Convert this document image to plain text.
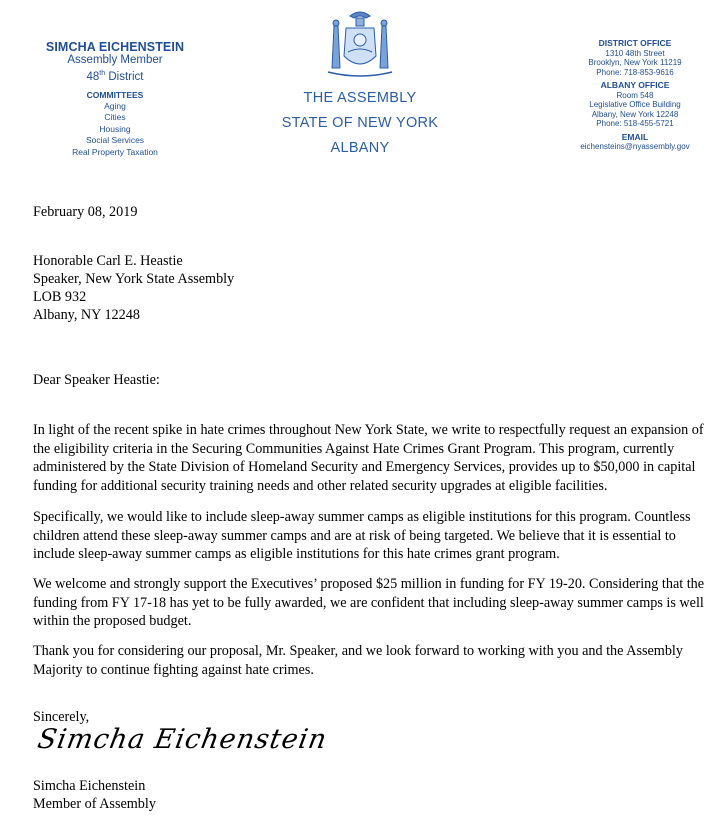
SIMCHA EICHENSTEIN
Assembly Member
48th District
COMMITTEES
Aging
Cities
Housing
Social Services
Real Property Taxation
THE ASSEMBLY
STATE OF NEW YORK
ALBANY
DISTRICT OFFICE
1310 48th Street
Brooklyn, New York 11219
Phone: 718-853-9616
ALBANY OFFICE
Room 548
Legislative Office Building
Albany, New York 12248
Phone: 518-455-5721
EMAIL
eichensteins@nyassembly.gov
February 08, 2019
Honorable Carl E. Heastie
Speaker, New York State Assembly
LOB 932
Albany, NY 12248
Dear Speaker Heastie:

In light of the recent spike in hate crimes throughout New York State, we write to respectfully request an expansion of the eligibility criteria in the Securing Communities Against Hate Crimes Grant Program. This program, currently administered by the State Division of Homeland Security and Emergency Services, provides up to $50,000 in capital funding for additional security training needs and other related security upgrades at eligible facilities.

Specifically, we would like to include sleep-away summer camps as eligible institutions for this program. Countless children attend these sleep-away summer camps and are at risk of being targeted. We believe that it is essential to include sleep-away summer camps as eligible institutions for this hate crimes grant program.

We welcome and strongly support the Executives’ proposed $25 million in funding for FY 19-20. Considering that the funding from FY 17-18 has yet to be fully awarded, we are confident that including sleep-away summer camps is well within the proposed budget.

Thank you for considering our proposal, Mr. Speaker, and we look forward to working with you and the Assembly Majority to continue fighting against hate crimes.

Sincerely,
Simcha Eichenstein
Simcha Eichenstein
Member of Assembly
